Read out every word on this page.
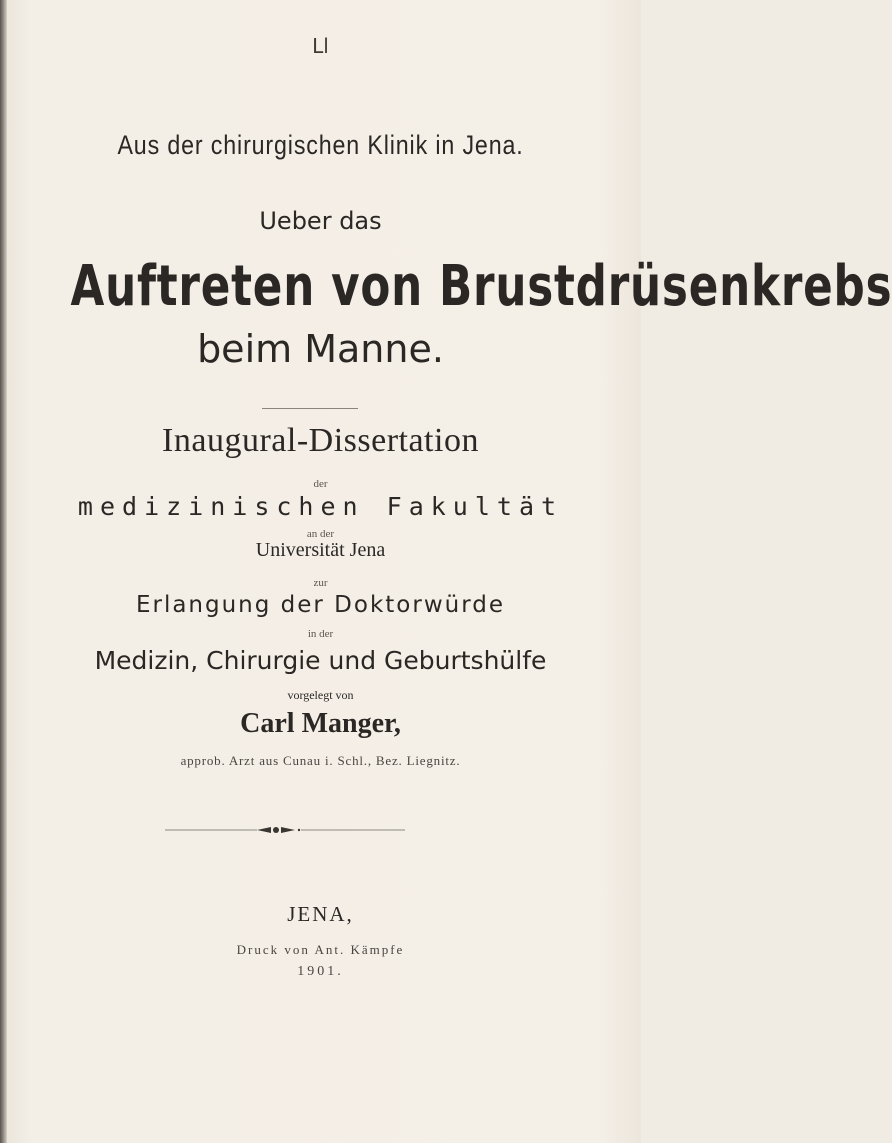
Ll
Aus der chirurgischen Klinik in Jena.
Ueber das
Auftreten von Brustdrüsenkrebs
beim Manne.
Inaugural-Dissertation
der
medizinischen Fakultät
an der
Universität Jena
zur
Erlangung der Doktorwürde
in der
Medizin, Chirurgie und Geburtshülfe
vorgelegt von
Carl Manger,
approb. Arzt aus Cunau i. Schl., Bez. Liegnitz.
JENA,
Druck von Ant. Kämpfe
1901.
